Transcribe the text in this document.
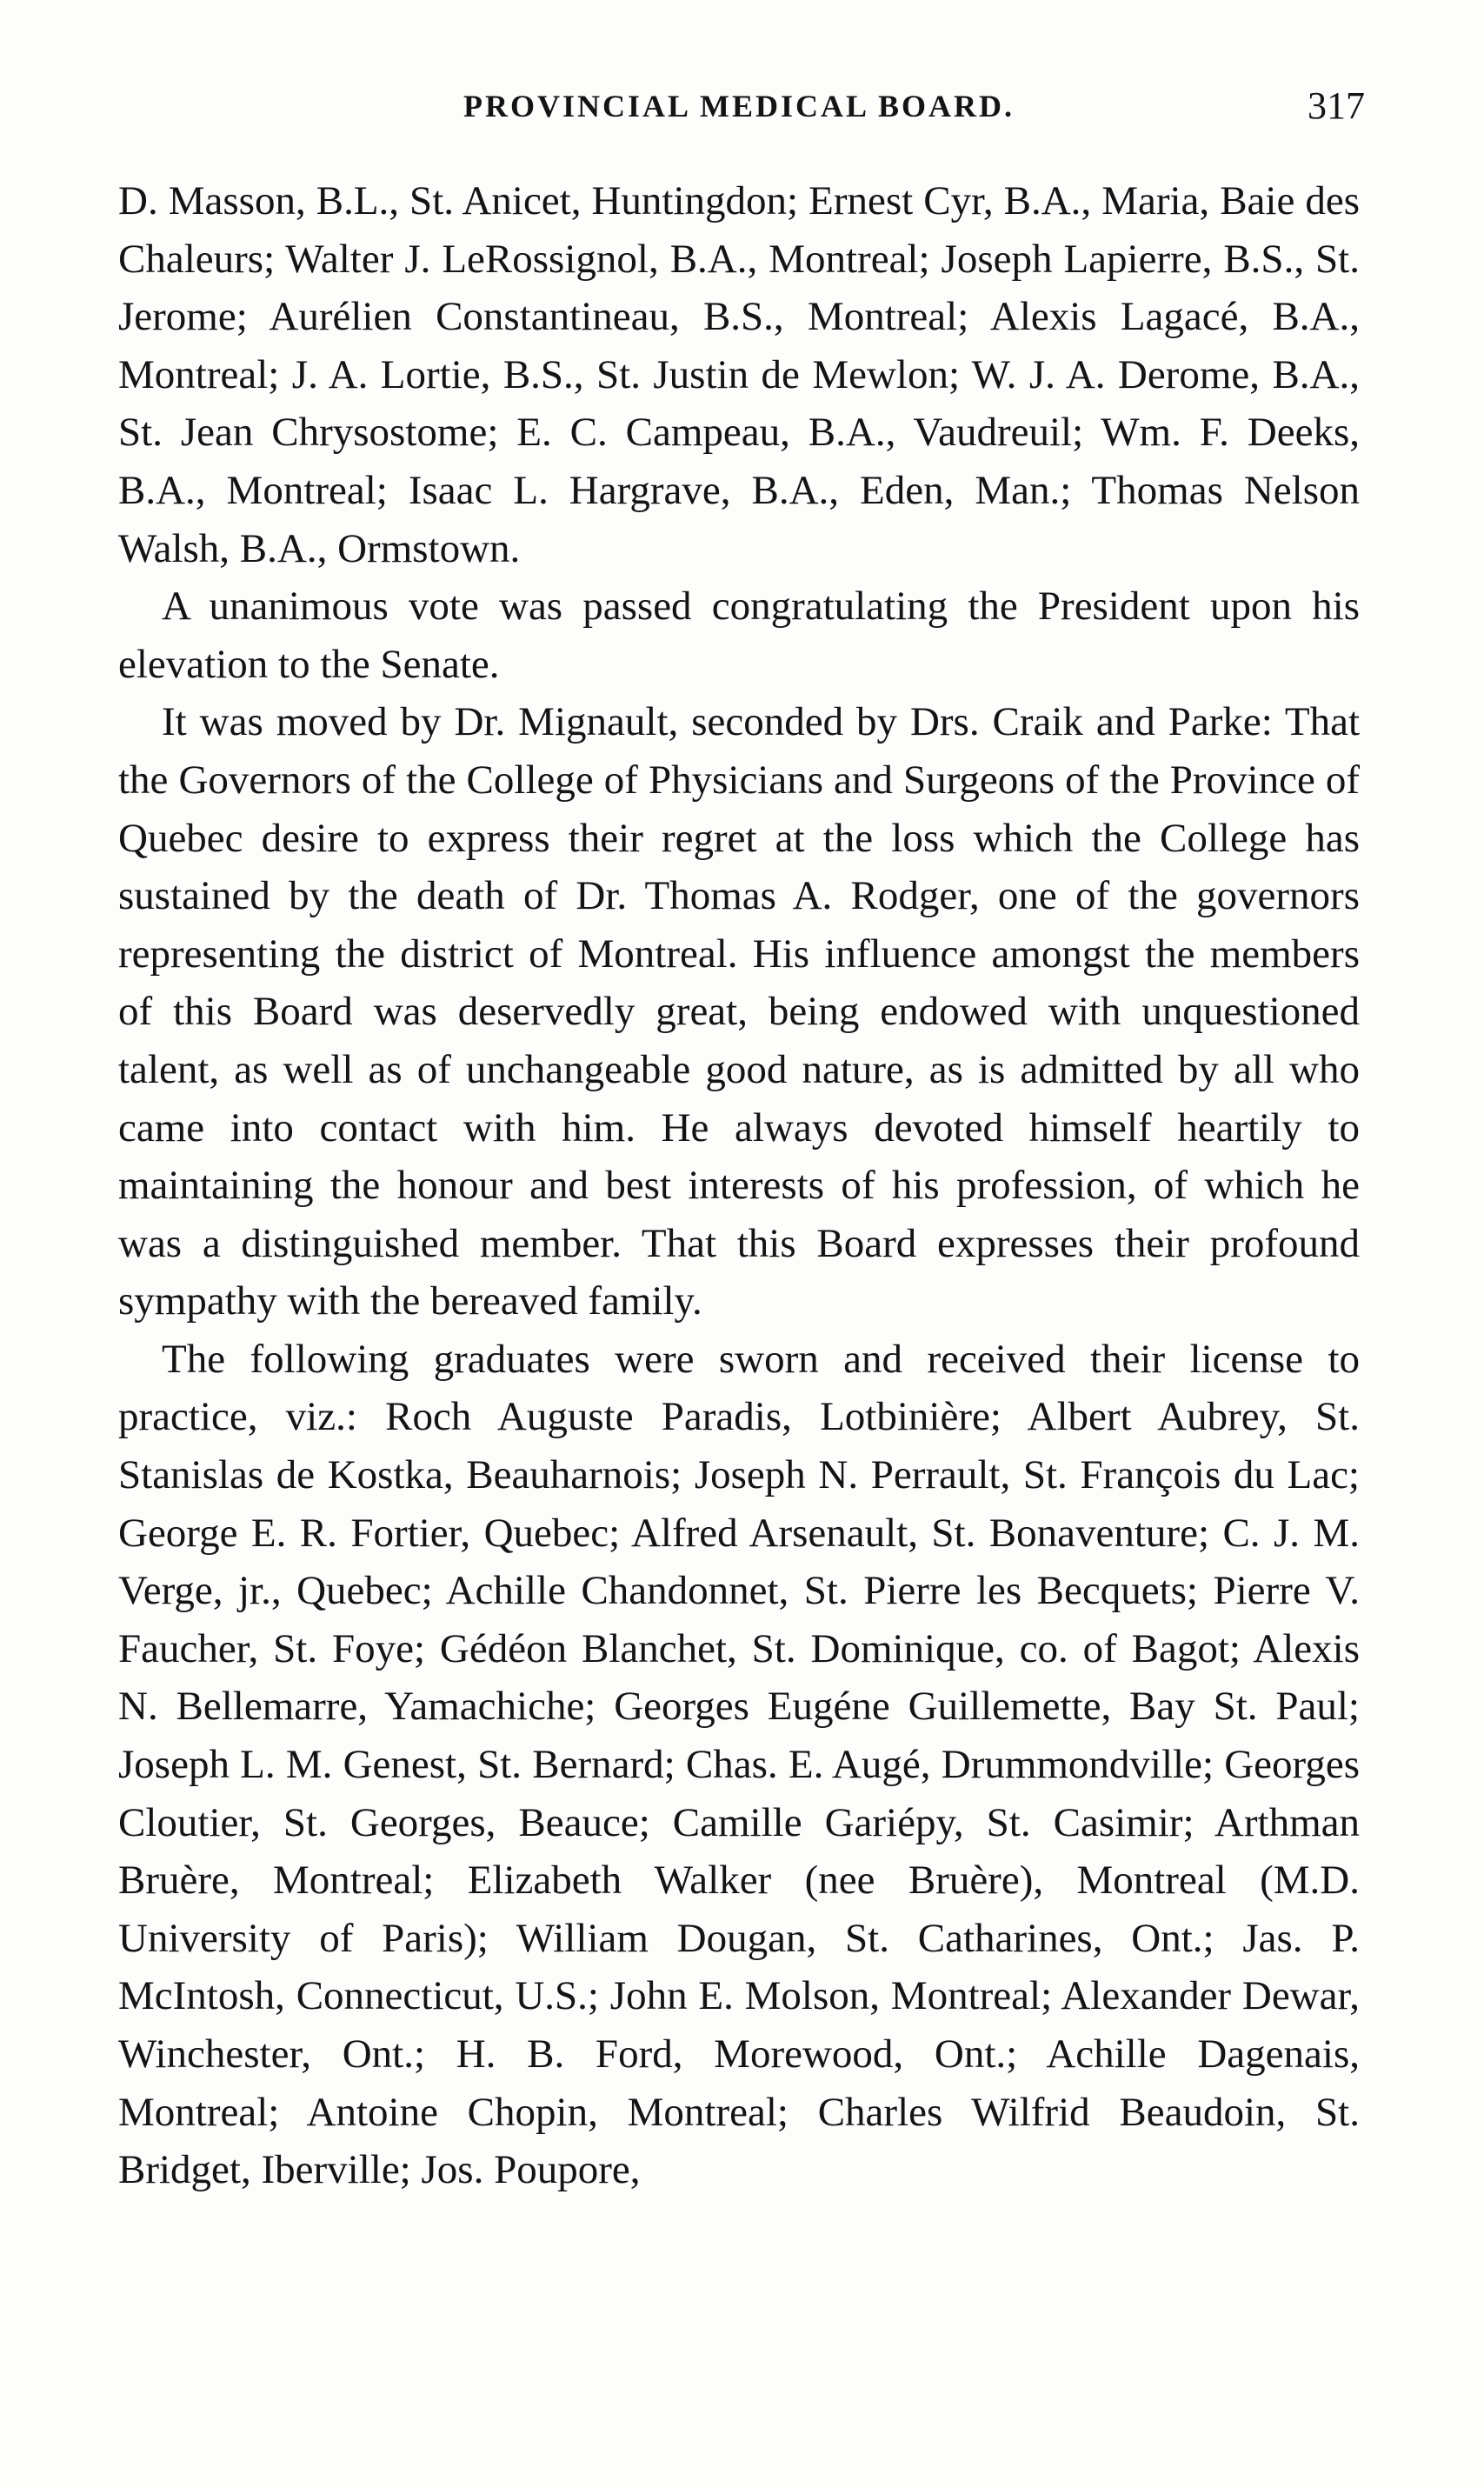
PROVINCIAL MEDICAL BOARD.	317

D. Masson, B.L., St. Anicet, Huntingdon; Ernest Cyr, B.A., Maria, Baie des Chaleurs; Walter J. LeRossignol, B.A., Montreal; Joseph Lapierre, B.S., St. Jerome; Aurélien Constantineau, B.S., Montreal; Alexis Lagacé, B.A., Montreal; J. A. Lortie, B.S., St. Justin de Mewlon; W. J. A. Derome, B.A., St. Jean Chrysostome; E. C. Campeau, B.A., Vaudreuil; Wm. F. Deeks, B.A., Montreal; Isaac L. Hargrave, B.A., Eden, Man.; Thomas Nelson Walsh, B.A., Ormstown.

A unanimous vote was passed congratulating the President upon his elevation to the Senate.

It was moved by Dr. Mignault, seconded by Drs. Craik and Parke: That the Governors of the College of Physicians and Surgeons of the Province of Quebec desire to express their regret at the loss which the College has sustained by the death of Dr. Thomas A. Rodger, one of the governors representing the district of Montreal. His influence amongst the members of this Board was deservedly great, being endowed with unquestioned talent, as well as of unchangeable good nature, as is admitted by all who came into contact with him. He always devoted himself heartily to maintaining the honour and best interests of his profession, of which he was a distinguished member. That this Board expresses their profound sympathy with the bereaved family.

The following graduates were sworn and received their license to practice, viz.: Roch Auguste Paradis, Lotbinière; Albert Aubrey, St. Stanislas de Kostka, Beauharnois; Joseph N. Perrault, St. François du Lac; George E. R. Fortier, Quebec; Alfred Arsenault, St. Bonaventure; C. J. M. Verge, jr., Quebec; Achille Chandonnet, St. Pierre les Becquets; Pierre V. Faucher, St. Foye; Gédéon Blanchet, St. Dominique, co. of Bagot; Alexis N. Bellemarre, Yamachiche; Georges Eugéne Guillemette, Bay St. Paul; Joseph L. M. Genest, St. Bernard; Chas. E. Augé, Drummondville; Georges Cloutier, St. Georges, Beauce; Camille Gariépy, St. Casimir; Arthman Bruère, Montreal; Elizabeth Walker (nee Bruère), Montreal (M.D. University of Paris); William Dougan, St. Catharines, Ont.; Jas. P. McIntosh, Connecticut, U.S.; John E. Molson, Montreal; Alexander Dewar, Winchester, Ont.; H. B. Ford, Morewood, Ont.; Achille Dagenais, Montreal; Antoine Chopin, Montreal; Charles Wilfrid Beaudoin, St. Bridget, Iberville; Jos. Poupore,
